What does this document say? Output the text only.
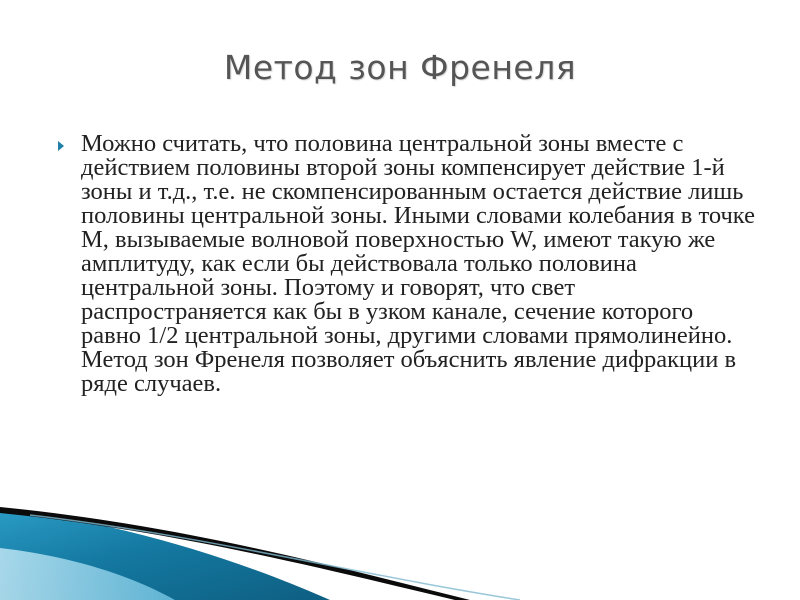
Метод зон Френеля
Можно считать, что половина центральной зоны вместе с действием половины второй зоны компенсирует действие 1-й зоны и т.д., т.е. не скомпенсированным остается действие лишь половины центральной зоны. Иными словами колебания в точке M, вызываемые волновой поверхностью W, имеют такую же амплитуду, как если бы действовала только половина центральной зоны. Поэтому и говорят, что свет распространяется как бы в узком канале, сечение которого равно 1/2 центральной зоны, другими словами прямолинейно. Метод зон Френеля позволяет объяснить явление дифракции в ряде случаев.
